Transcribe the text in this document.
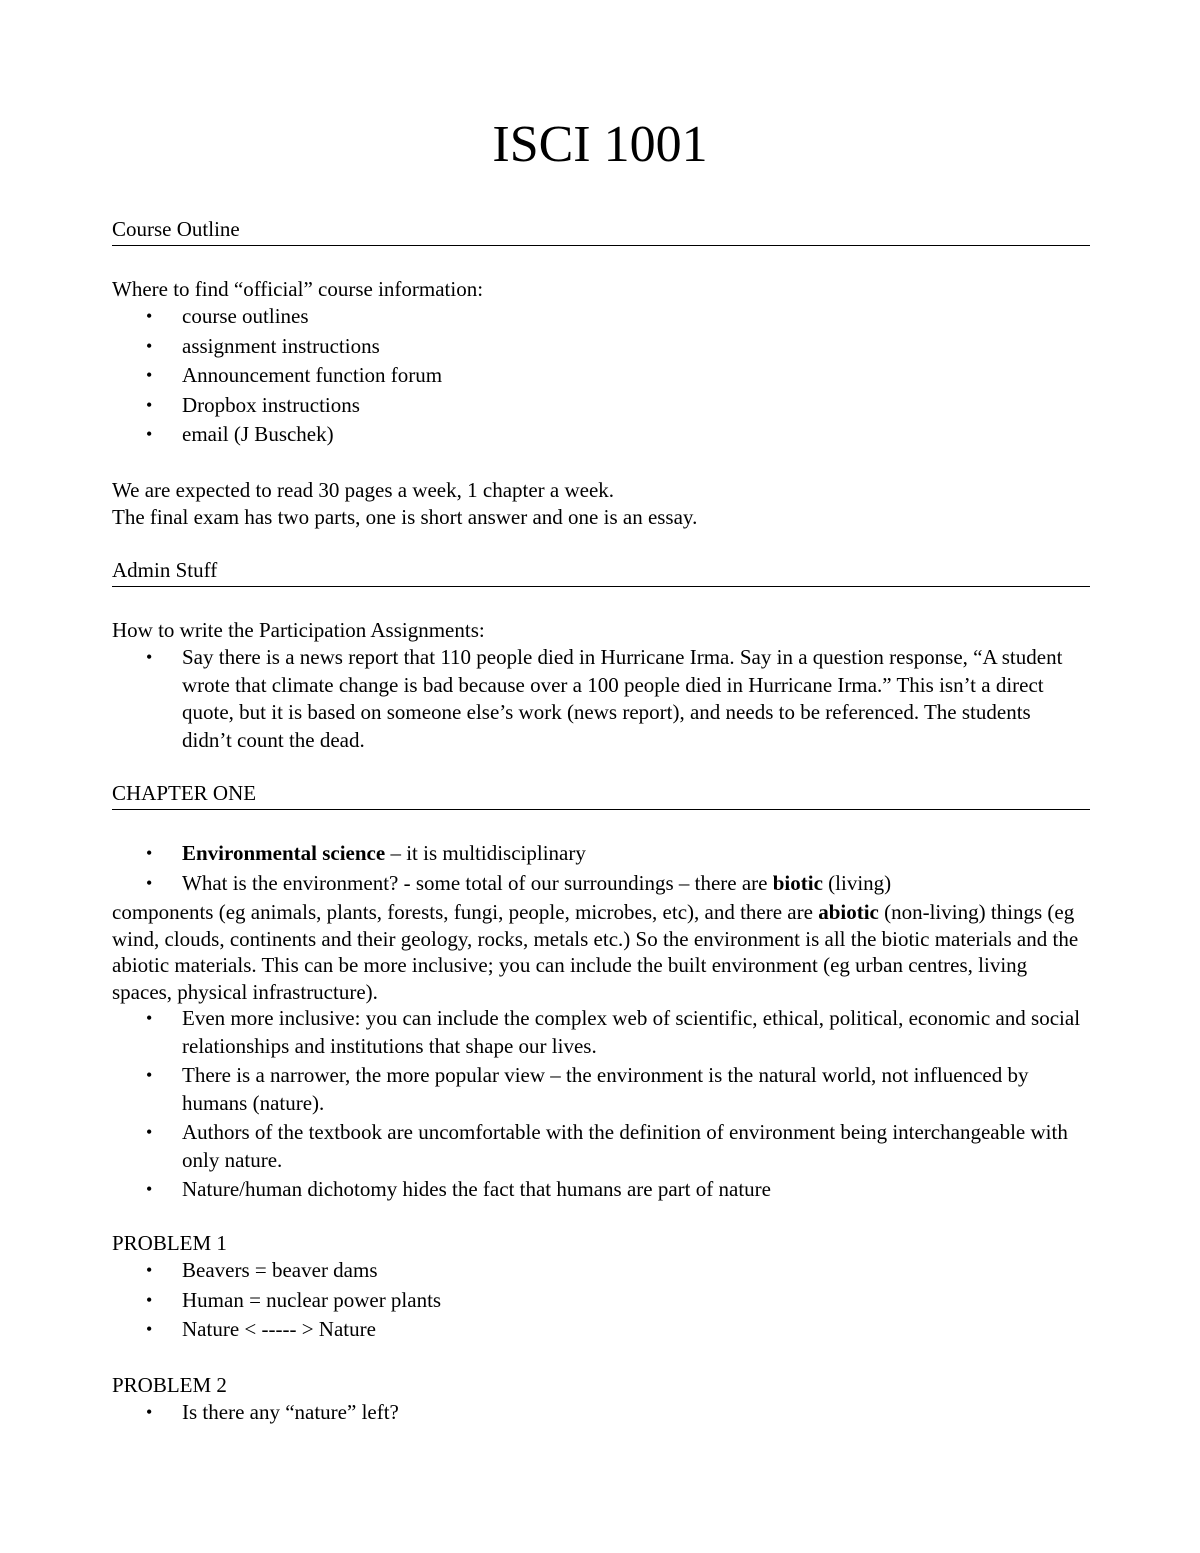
ISCI 1001
Course Outline

Where to find “official” course information:

• course outlines
• assignment instructions
• Announcement function forum
• Dropbox instructions
• email (J Buschek)

We are expected to read 30 pages a week, 1 chapter a week.

The final exam has two parts, one is short answer and one is an essay.

Admin Stuff

How to write the Participation Assignments:

• Say there is a news report that 110 people died in Hurricane Irma. Say in a question response, “A student wrote that climate change is bad because over a 100 people died in Hurricane Irma.” This isn’t a direct quote, but it is based on someone else’s work (news report), and needs to be referenced. The students didn’t count the dead.
CHAPTER ONE
• Environmental science – it is multidisciplinary
• What is the environment? - some total of our surroundings – there are biotic (living)

components (eg animals, plants, forests, fungi, people, microbes, etc), and there are abiotic (non-living) things (eg wind, clouds, continents and their geology, rocks, metals etc.) So the environment is all the biotic materials and the abiotic materials. This can be more inclusive; you can include the built environment (eg urban centres, living spaces, physical infrastructure).

• Even more inclusive: you can include the complex web of scientific, ethical, political, economic and social relationships and institutions that shape our lives.
• There is a narrower, the more popular view – the environment is the natural world, not influenced by humans (nature).
• Authors of the textbook are uncomfortable with the definition of environment being interchangeable with only nature.
• Nature/human dichotomy hides the fact that humans are part of nature

PROBLEM 1

• Beavers = beaver dams
• Human = nuclear power plants
• Nature < ----- > Nature

PROBLEM 2

• Is there any “nature” left?
